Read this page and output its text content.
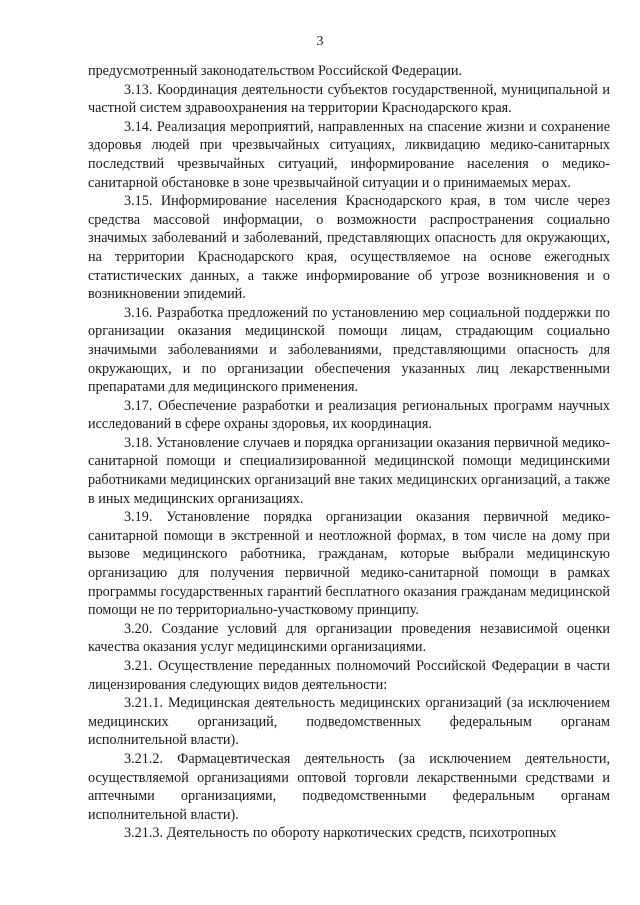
3

предусмотренный законодательством Российской Федерации.

3.13. Координация деятельности субъектов государственной, муниципальной и частной систем здравоохранения на территории Краснодарского края.

3.14. Реализация мероприятий, направленных на спасение жизни и сохранение здоровья людей при чрезвычайных ситуациях, ликвидацию медико-санитарных последствий чрезвычайных ситуаций, информирование населения о медико-санитарной обстановке в зоне чрезвычайной ситуации и о принимаемых мерах.

3.15. Информирование населения Краснодарского края, в том числе через средства массовой информации, о возможности распространения социально значимых заболеваний и заболеваний, представляющих опасность для окружающих, на территории Краснодарского края, осуществляемое на основе ежегодных статистических данных, а также информирование об угрозе возникновения и о возникновении эпидемий.

3.16. Разработка предложений по установлению мер социальной поддержки по организации оказания медицинской помощи лицам, страдающим социально значимыми заболеваниями и заболеваниями, представляющими опасность для окружающих, и по организации обеспечения указанных лиц лекарственными препаратами для медицинского применения.

3.17. Обеспечение разработки и реализация региональных программ научных исследований в сфере охраны здоровья, их координация.

3.18. Установление случаев и порядка организации оказания первичной медико-санитарной помощи и специализированной медицинской помощи медицинскими работниками медицинских организаций вне таких медицинских организаций, а также в иных медицинских организациях.

3.19. Установление порядка организации оказания первичной медико-санитарной помощи в экстренной и неотложной формах, в том числе на дому при вызове медицинского работника, гражданам, которые выбрали медицинскую организацию для получения первичной медико-санитарной помощи в рамках программы государственных гарантий бесплатного оказания гражданам медицинской помощи не по территориально-участковому принципу.

3.20. Создание условий для организации проведения независимой оценки качества оказания услуг медицинскими организациями.

3.21. Осуществление переданных полномочий Российской Федерации в части лицензирования следующих видов деятельности:

3.21.1. Медицинская деятельность медицинских организаций (за исключением медицинских организаций, подведомственных федеральным органам исполнительной власти).

3.21.2. Фармацевтическая деятельность (за исключением деятельности, осуществляемой организациями оптовой торговли лекарственными средствами и аптечными организациями, подведомственными федеральным органам исполнительной власти).

3.21.3. Деятельность по обороту наркотических средств, психотропных
